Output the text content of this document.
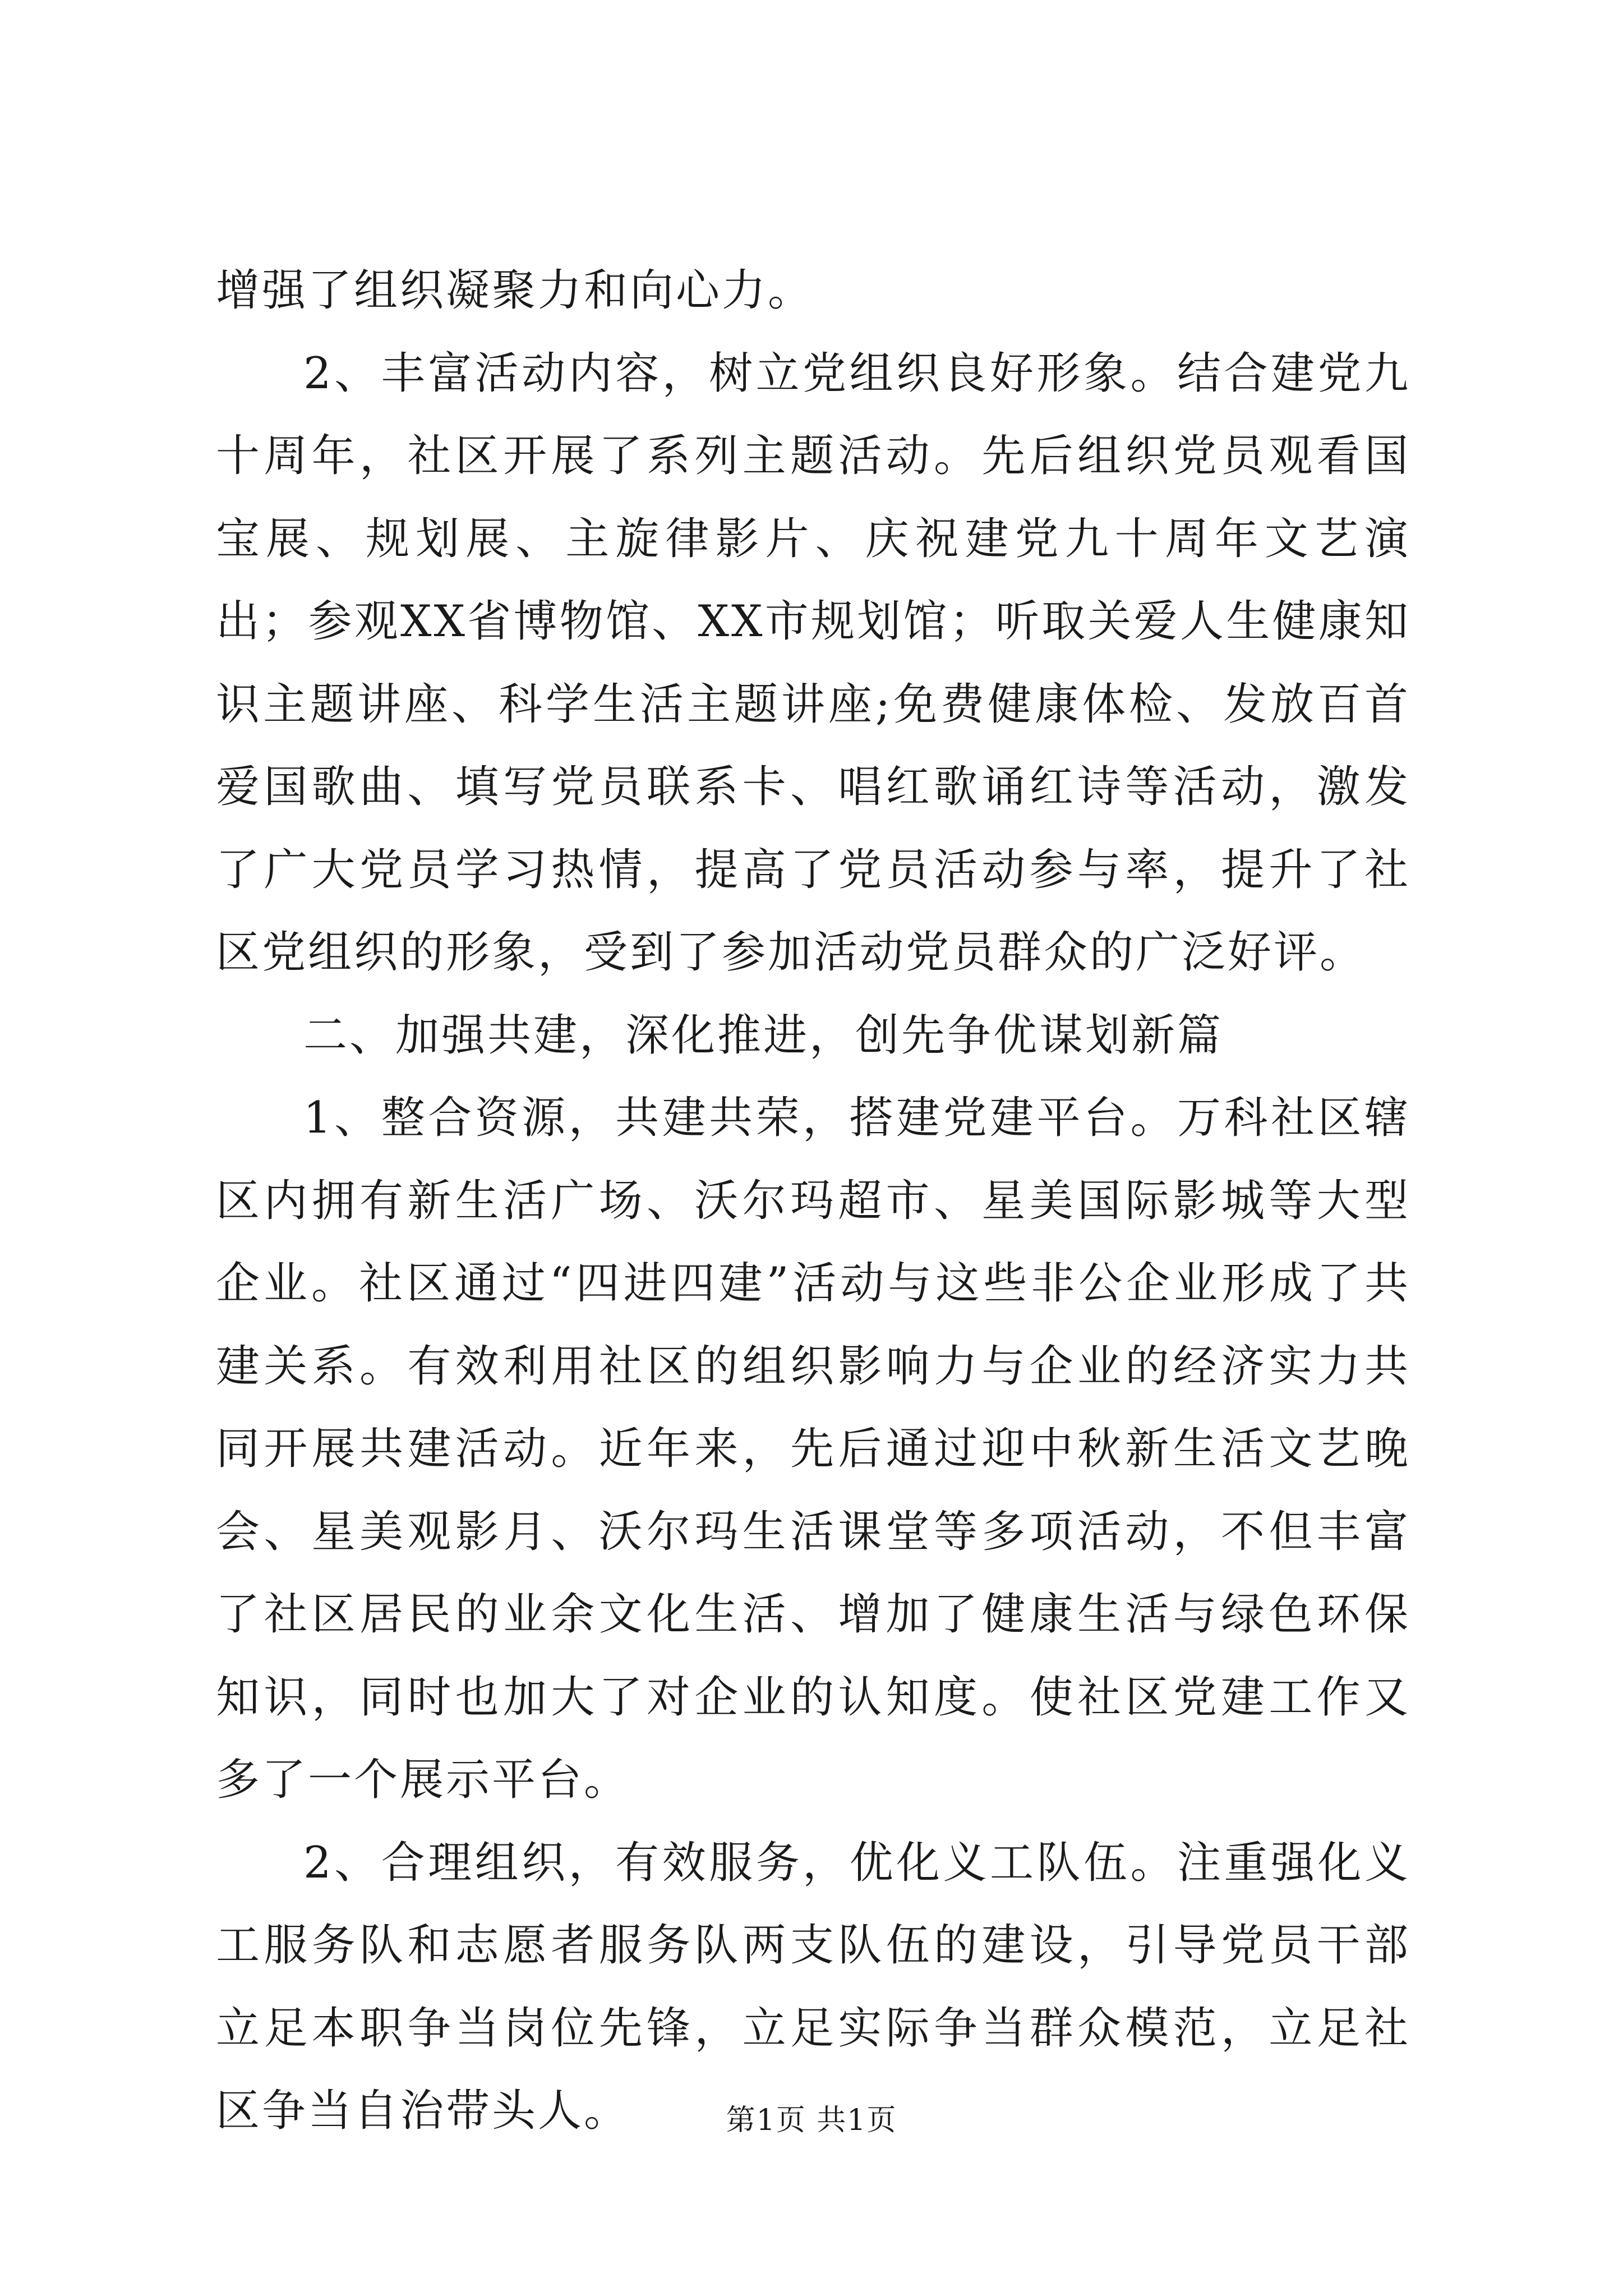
增强了组织凝聚力和向心力。

2、丰富活动内容，树立党组织良好形象。结合建党九十周年，社区开展了系列主题活动。先后组织党员观看国宝展、规划展、主旋律影片、庆祝建党九十周年文艺演出；参观XX省博物馆、XX市规划馆；听取关爱人生健康知识主题讲座、科学生活主题讲座;免费健康体检、发放百首爱国歌曲、填写党员联系卡、唱红歌诵红诗等活动，激发了广大党员学习热情，提高了党员活动参与率，提升了社区党组织的形象，受到了参加活动党员群众的广泛好评。

二、加强共建，深化推进，创先争优谋划新篇

1、整合资源，共建共荣，搭建党建平台。万科社区辖区内拥有新生活广场、沃尔玛超市、星美国际影城等大型企业。社区通过“四进四建”活动与这些非公企业形成了共建关系。有效利用社区的组织影响力与企业的经济实力共同开展共建活动。近年来，先后通过迎中秋新生活文艺晚会、星美观影月、沃尔玛生活课堂等多项活动，不但丰富了社区居民的业余文化生活、增加了健康生活与绿色环保知识，同时也加大了对企业的认知度。使社区党建工作又多了一个展示平台。

2、合理组织，有效服务，优化义工队伍。注重强化义工服务队和志愿者服务队两支队伍的建设，引导党员干部立足本职争当岗位先锋，立足实际争当群众模范，立足社区争当自治带头人。	第1页 共1页
